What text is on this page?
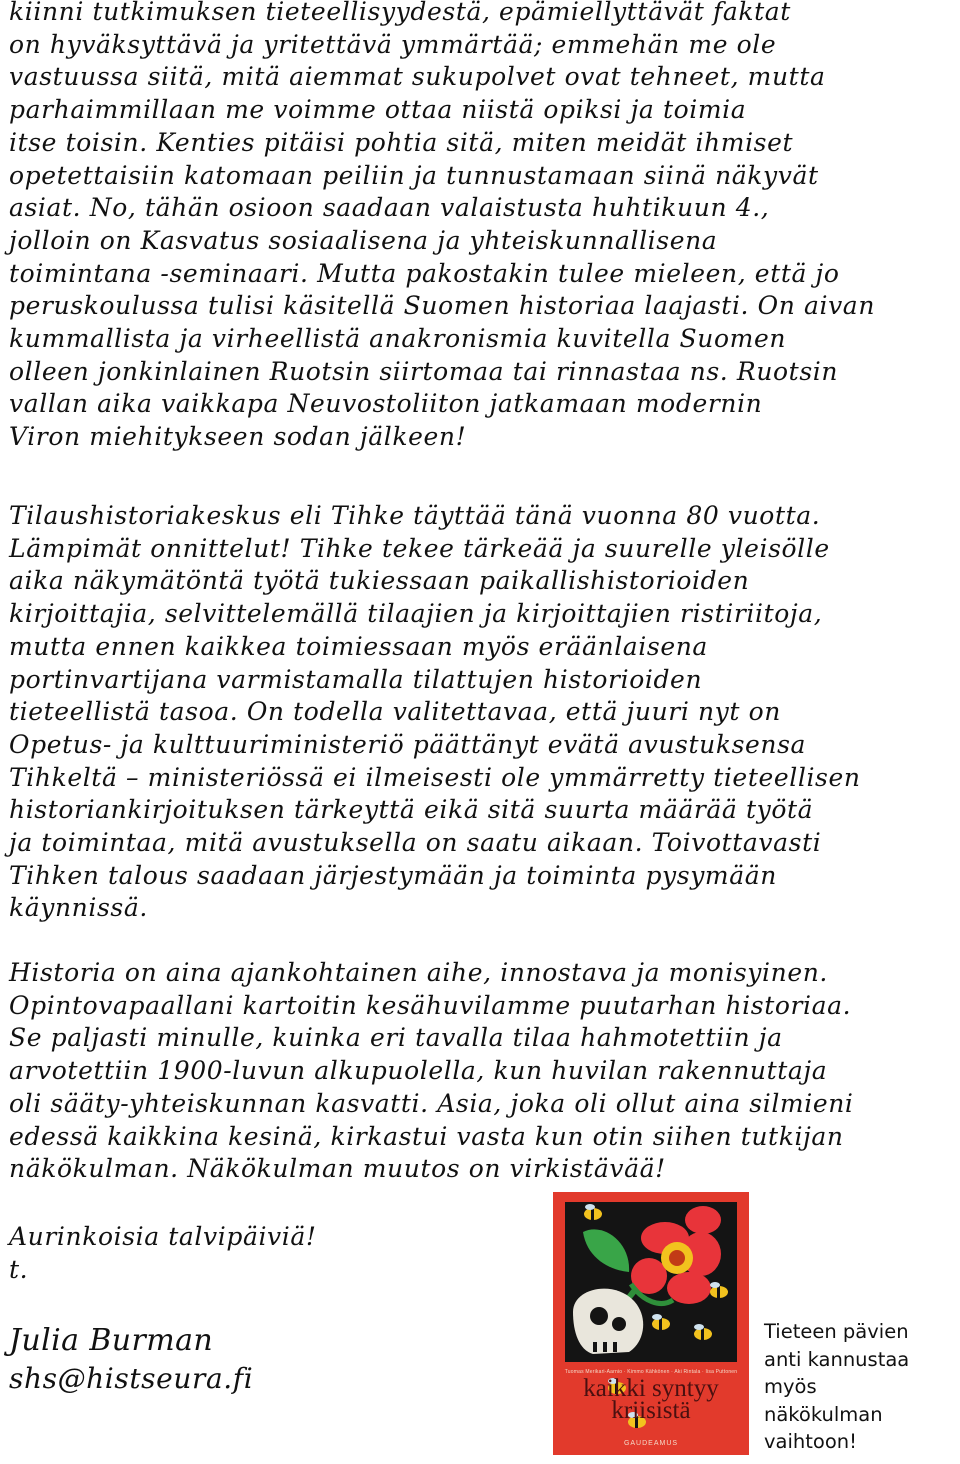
kiinni tutkimuksen tieteellisyydestä, epämiellyttävät faktat
on hyväksyttävä ja yritettävä ymmärtää; emmehän me ole
vastuussa siitä, mitä aiemmat sukupolvet ovat tehneet, mutta
parhaimmillaan me voimme ottaa niistä opiksi ja toimia
itse toisin. Kenties pitäisi pohtia sitä, miten meidät ihmiset
opetettaisiin katomaan peiliin ja tunnustamaan siinä näkyvät
asiat. No, tähän osioon saadaan valaistusta huhtikuun 4.,
jolloin on Kasvatus sosiaalisena ja yhteiskunnallisena
toimintana -seminaari. Mutta pakostakin tulee mieleen, että jo
peruskoulussa tulisi käsitellä Suomen historiaa laajasti. On aivan
kummallista ja virheellistä anakronismia kuvitella Suomen
olleen jonkinlainen Ruotsin siirtomaa tai rinnastaa ns. Ruotsin
vallan aika vaikkapa Neuvostoliiton jatkamaan modernin
Viron miehitykseen sodan jälkeen!

Tilaushistoriakeskus eli Tihke täyttää tänä vuonna 80 vuotta.
Lämpimät onnittelut! Tihke tekee tärkeää ja suurelle yleisölle
aika näkymätöntä työtä tukiessaan paikallishistorioiden
kirjoittajia, selvittelemällä tilaajien ja kirjoittajien ristiriitoja,
mutta ennen kaikkea toimiessaan myös eräänlaisena
portinvartijana varmistamalla tilattujen historioiden
tieteellistä tasoa. On todella valitettavaa, että juuri nyt on
Opetus- ja kulttuuriministeriö päättänyt evätä avustuksensa
Tihkeltä – ministeriössä ei ilmeisesti ole ymmärretty tieteellisen
historiankirjoituksen tärkeyttä eikä sitä suurta määrää työtä
ja toimintaa, mitä avustuksella on saatu aikaan. Toivottavasti
Tihken talous saadaan järjestymään ja toiminta pysymään
käynnissä.

Historia on aina ajankohtainen aihe, innostava ja monisyinen.
Opintovapaallani kartoitin kesähuvilamme puutarhan historiaa.
Se paljasti minulle, kuinka eri tavalla tilaa hahmotettiin ja
arvotettiin 1900-luvun alkupuolella, kun huvilan rakennuttaja
oli sääty-yhteiskunnan kasvatti. Asia, joka oli ollut aina silmieni
edessä kaikkina kesinä, kirkastui vasta kun otin siihen tutkijan
näkökulman. Näkökulman muutos on virkistävää!

Aurinkoisia talvipäiviä!
t.
Julia Burman
shs@histseura.fi	Tuomas Merikari-Aarnio · Kimmo Kähkönen · Aki Rintala · Iisa Puttonen
kaikki syntyy kriisistä
GAUDEAMUS

Tieteen pävien
anti kannustaa
myös
näkökulman
vaihtoon!
